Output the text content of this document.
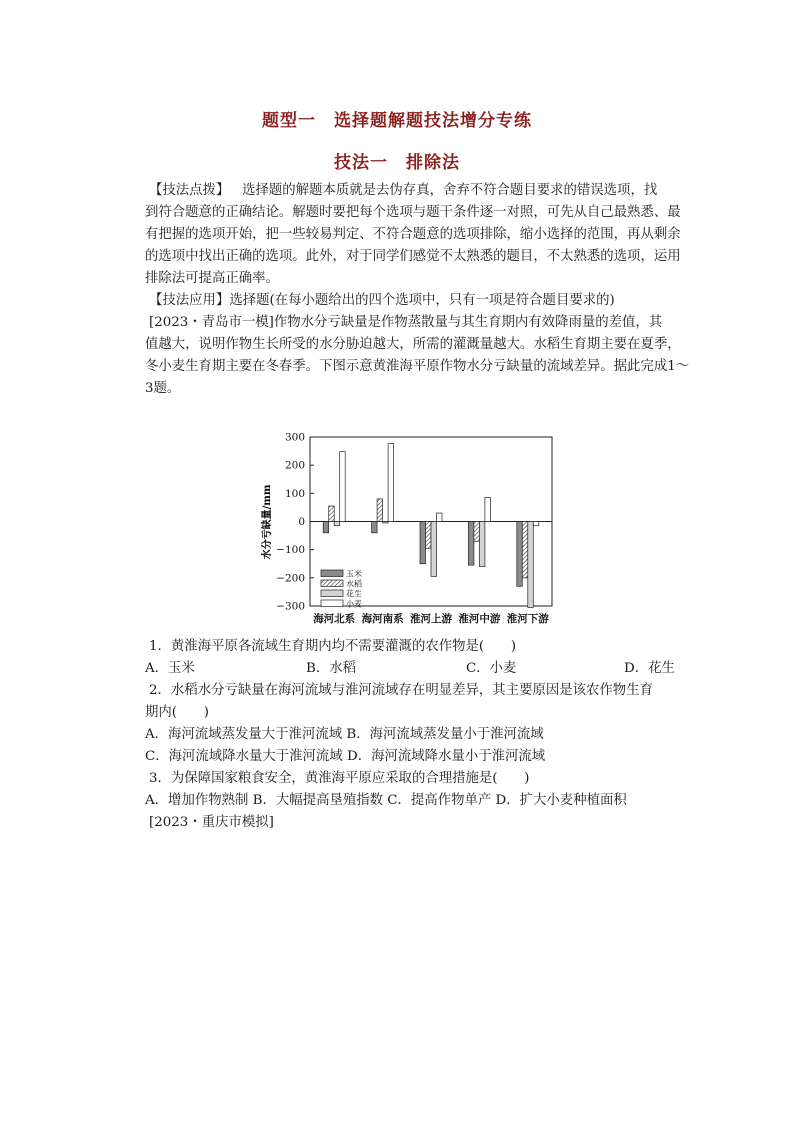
题型一　选择题解题技法增分专练
技法一　排除法
【技法点拨】 选择题的解题本质就是去伪存真，舍弃不符合题目要求的错误选项，找
到符合题意的正确结论。解题时要把每个选项与题干条件逐一对照，可先从自己最熟悉、最
有把握的选项开始，把一些较易判定、不符合题意的选项排除，缩小选择的范围，再从剩余
的选项中找出正确的选项。此外，对于同学们感觉不太熟悉的题目，不太熟悉的选项，运用
排除法可提高正确率。
【技法应用】选择题(在每小题给出的四个选项中，只有一项是符合题目要求的)
[2023・青岛市一模]作物水分亏缺量是作物蒸散量与其生育期内有效降雨量的差值，其
值越大，说明作物生长所受的水分胁迫越大，所需的灌溉量越大。水稻生育期主要在夏季，
冬小麦生育期主要在冬春季。下图示意黄淮海平原作物水分亏缺量的流域差异。据此完成1～
3题。
300
200
100
0
−100
−200
−300
海河北系 海河南系 淮河上游 淮河中游 淮河下游
玉米
水稻
花生
小麦
水分亏缺量/mm
1．黄淮海平原各流域生育期内均不需要灌溉的农作物是(　　)
A．玉米	B．水稻	C．小麦	D．花生
2．水稻水分亏缺量在海河流域与淮河流域存在明显差异，其主要原因是该农作物生育
期内(　　)
A．海河流域蒸发量大于淮河流域 B．海河流域蒸发量小于淮河流域
C．海河流域降水量大于淮河流域 D．海河流域降水量小于淮河流域
3．为保障国家粮食安全，黄淮海平原应采取的合理措施是(　　)
A．增加作物熟制 B．大幅提高垦殖指数 C．提高作物单产 D．扩大小麦种植面积
[2023・重庆市模拟]
